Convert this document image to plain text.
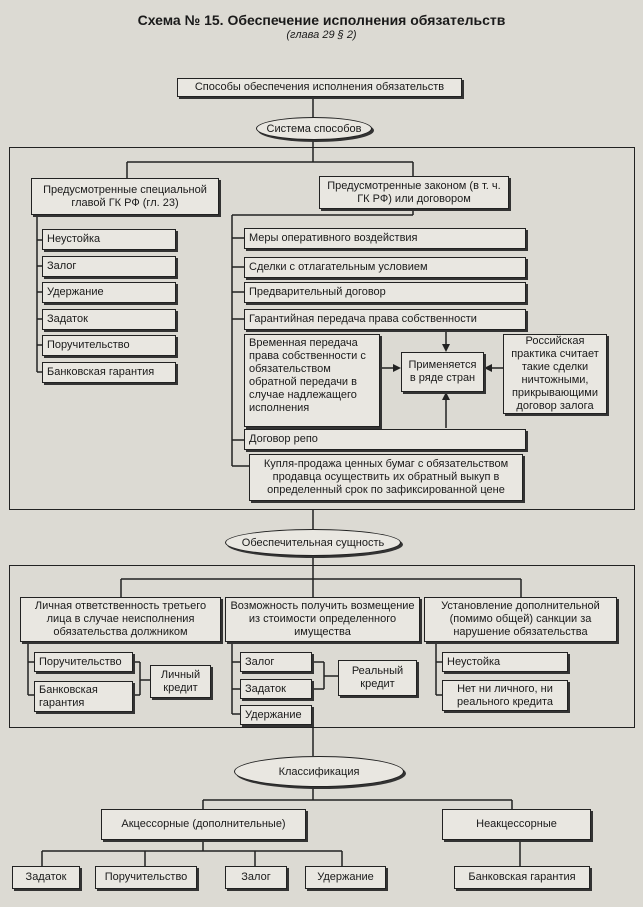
Схема № 15. Обеспечение исполнения обязательств
(глава 29 § 2)
Способы обеспечения исполнения обязательств
Система способов
Предусмотренные специальной главой ГК РФ (гл. 23)
Неустойка
Залог
Удержание
Задаток
Поручительство
Банковская гарантия
Предусмотренные законом (в т. ч. ГК РФ) или договором
Меры оперативного воздействия
Сделки с отлагательным условием
Предварительный договор
Гарантийная передача права собственности
Временная передача права собственности с обязательством обратной передачи в случае надлежащего исполнения
Применяется в ряде стран
Российская практика считает такие сделки ничтожными, прикрывающими договор залога
Договор репо
Купля-продажа ценных бумаг с обязательством продавца осуществить их обратный выкуп в определенный срок по зафиксированной цене
Обеспечительная сущность
Личная ответственность третьего лица в случае неисполнения обязательства должником
Поручительство
Банковская гарантия
Личный кредит
Возможность получить возмещение из стоимости определенного имущества
Залог
Задаток
Удержание
Реальный кредит
Установление дополнительной (помимо общей) санкции за нарушение обязательства
Неустойка
Нет ни личного, ни реального кредита
Классификация
Акцессорные (дополнительные)	Неакцессорные
Задаток	Поручительство	Залог	Удержание	Банковская гарантия
